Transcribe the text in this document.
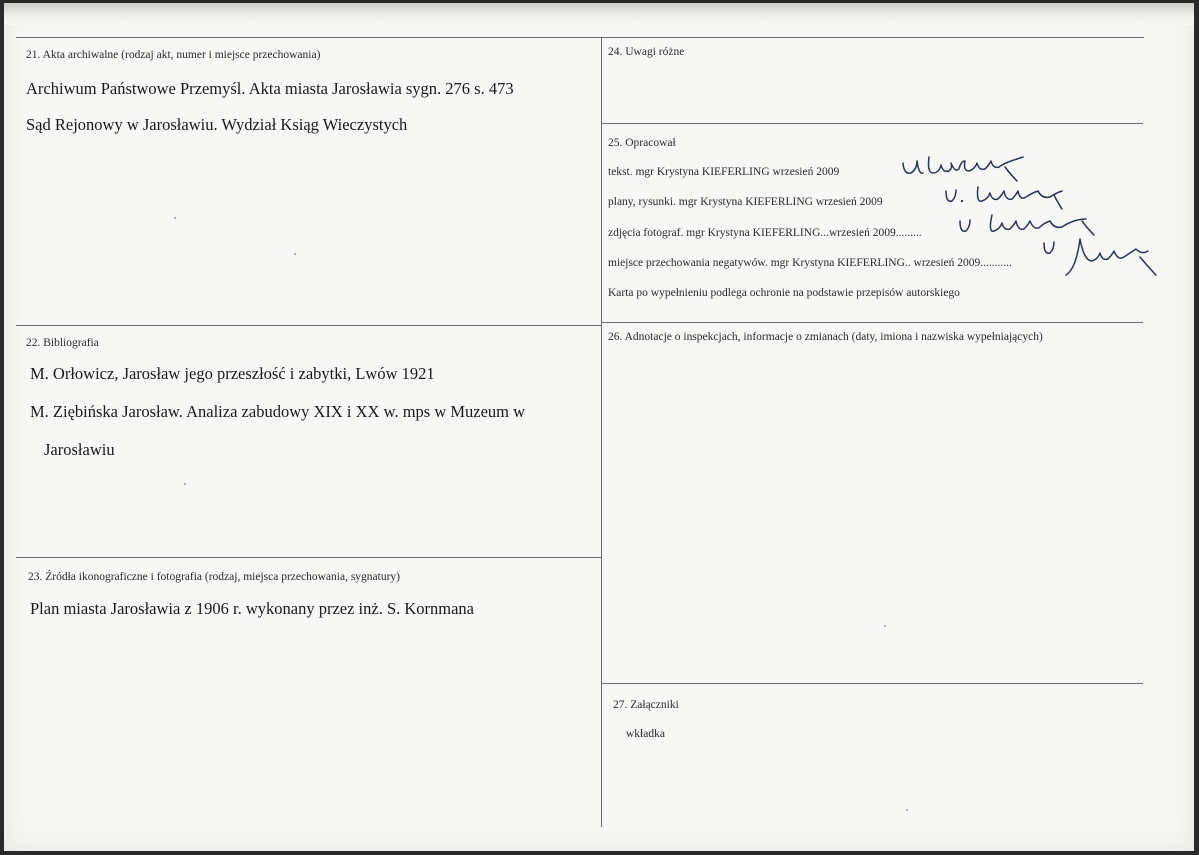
21. Akta archiwalne (rodzaj akt, numer i miejsce przechowania)
Archiwum Państwowe Przemyśl. Akta miasta Jarosławia sygn. 276 s. 473
Sąd Rejonowy w Jarosławiu. Wydział Ksiąg Wieczystych
22. Bibliografia
M. Orłowicz, Jarosław jego przeszłość i zabytki, Lwów 1921
M. Ziębińska Jarosław. Analiza zabudowy XIX i XX w. mps w Muzeum w
Jarosławiu
23. Źródła ikonograficzne i fotografia (rodzaj, miejsca przechowania, sygnatury)
Plan miasta Jarosławia z 1906 r. wykonany przez inż. S. Kornmana
24. Uwagi różne
25. Opracował
tekst. mgr Krystyna KIEFERLING wrzesień 2009
plany, rysunki. mgr Krystyna KIEFERLING wrzesień 2009
zdjęcia fotograf. mgr Krystyna KIEFERLING...wrzesień 2009.........
miejsce przechowania negatywów. mgr Krystyna KIEFERLING.. wrzesień 2009...........
Karta po wypełnieniu podlega ochronie na podstawie przepisów autorskiego
26. Adnotacje o inspekcjach, informacje o zmianach (daty, imiona i nazwiska wypełniających)
27. Załączniki
wkładka
